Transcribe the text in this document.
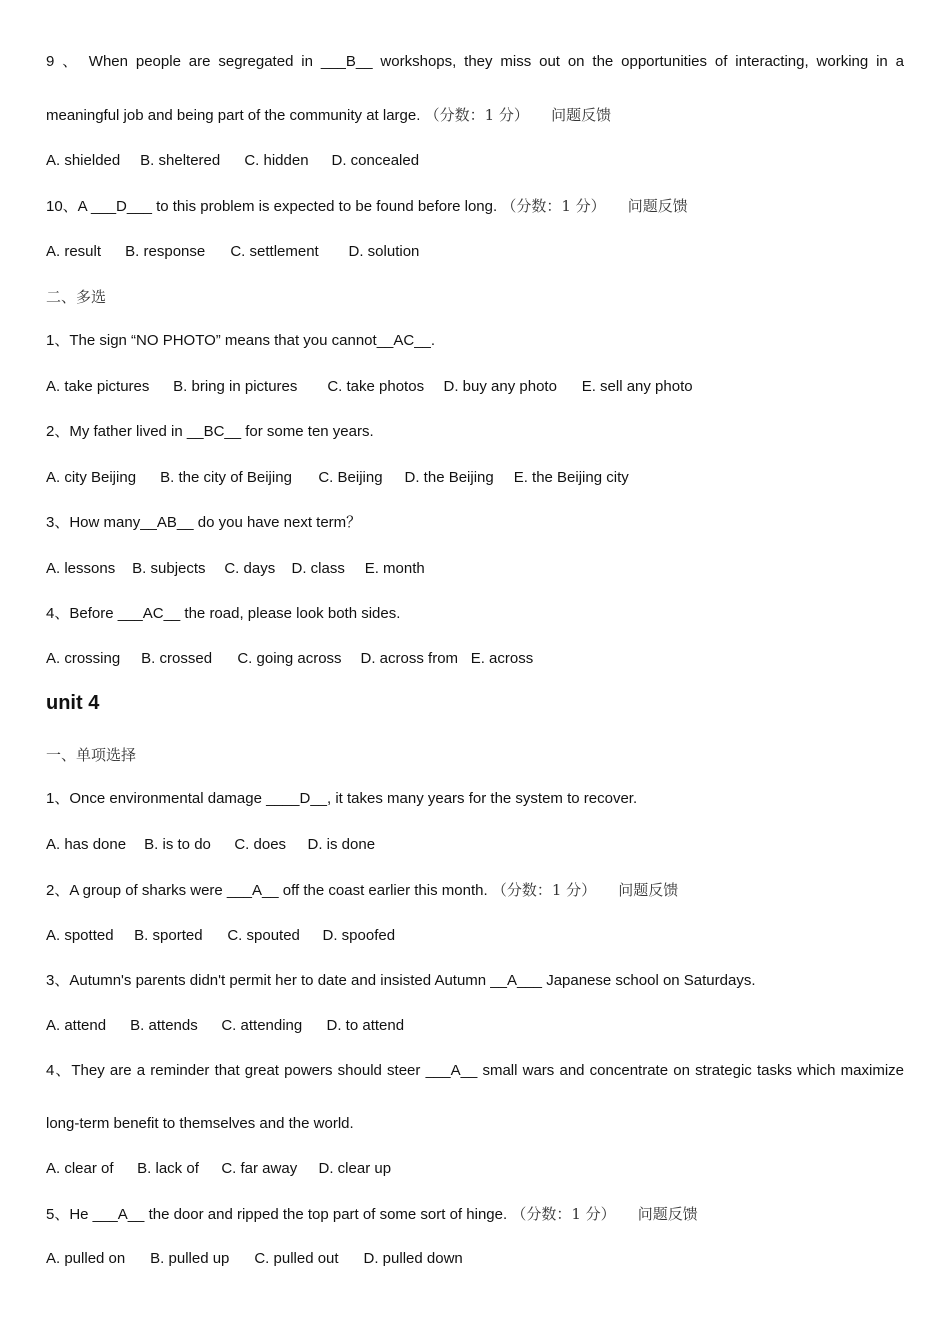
9 、 When people are segregated in ___B__ workshops, they miss out on the opportunities of interacting, working in a
meaningful job and being part of the community at large. （分数：1 分） 问题反馈
A. shielded B. sheltered C. hidden D. concealed
10、A ___D___ to this problem is expected to be found before long. （分数：1 分） 问题反馈
A. result B. response C. settlement D. solution
二、多选
1、The sign “NO PHOTO” means that you cannot__AC__.
A. take pictures B. bring in pictures C. take photos D. buy any photo E. sell any photo
2、My father lived in __BC__ for some ten years.
A. city Beijing B. the city of Beijing C. Beijing D. the Beijing E. the Beijing city
3、How many__AB__ do you have next term？
A. lessons B. subjects C. days D. class E. month
4、Before ___AC__ the road, please look both sides.
A. crossing B. crossed C. going across D. across from E. across
unit 4
一、单项选择
1、Once environmental damage ____D__, it takes many years for the system to recover.
A. has done B. is to do C. does D. is done
2、A group of sharks were ___A__ off the coast earlier this month. （分数：1 分） 问题反馈
A. spotted B. sported C. spouted D. spoofed
3、Autumn's parents didn't permit her to date and insisted Autumn __A___ Japanese school on Saturdays.
A. attend B. attends C. attending D. to attend
4、They are a reminder that great powers should steer ___A__ small wars and concentrate on strategic tasks which maximize
long-term benefit to themselves and the world.
A. clear of B. lack of C. far away D. clear up
5、He ___A__ the door and ripped the top part of some sort of hinge. （分数：1 分） 问题反馈
A. pulled on B. pulled up C. pulled out D. pulled down
